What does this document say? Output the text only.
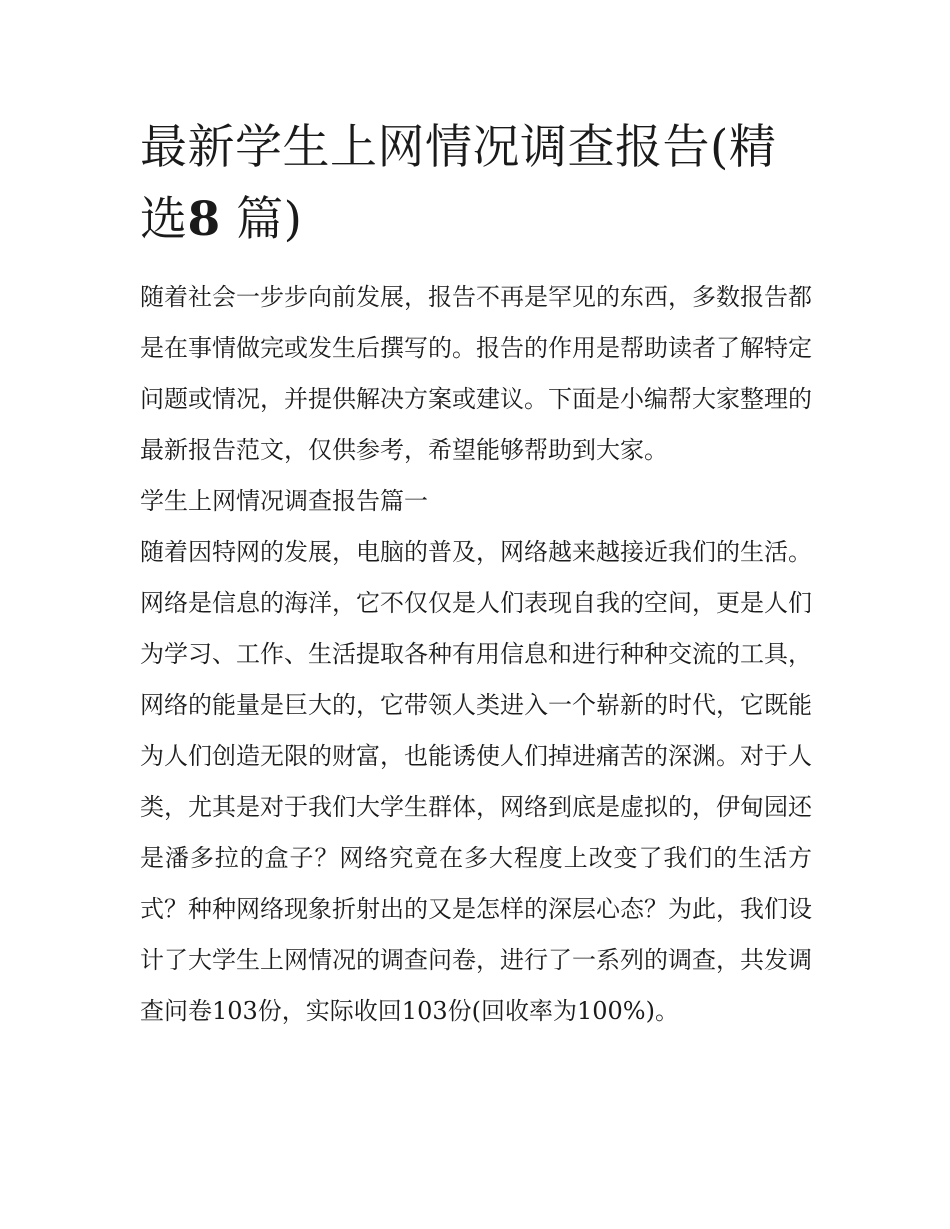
最新学生上网情况调查报告(精选8 篇)

随着社会一步步向前发展，报告不再是罕见的东西，多数报告都是在事情做完或发生后撰写的。报告的作用是帮助读者了解特定问题或情况，并提供解决方案或建议。下面是小编帮大家整理的最新报告范文，仅供参考，希望能够帮助到大家。

学生上网情况调查报告篇一

随着因特网的发展，电脑的普及，网络越来越接近我们的生活。网络是信息的海洋，它不仅仅是人们表现自我的空间，更是人们为学习、工作、生活提取各种有用信息和进行种种交流的工具，网络的能量是巨大的，它带领人类进入一个崭新的时代，它既能为人们创造无限的财富，也能诱使人们掉进痛苦的深渊。对于人类，尤其是对于我们大学生群体，网络到底是虚拟的，伊甸园还是潘多拉的盒子？网络究竟在多大程度上改变了我们的生活方式？种种网络现象折射出的又是怎样的深层心态？为此，我们设计了大学生上网情况的调查问卷，进行了一系列的调查，共发调查问卷103份，实际收回103份(回收率为100%)。
